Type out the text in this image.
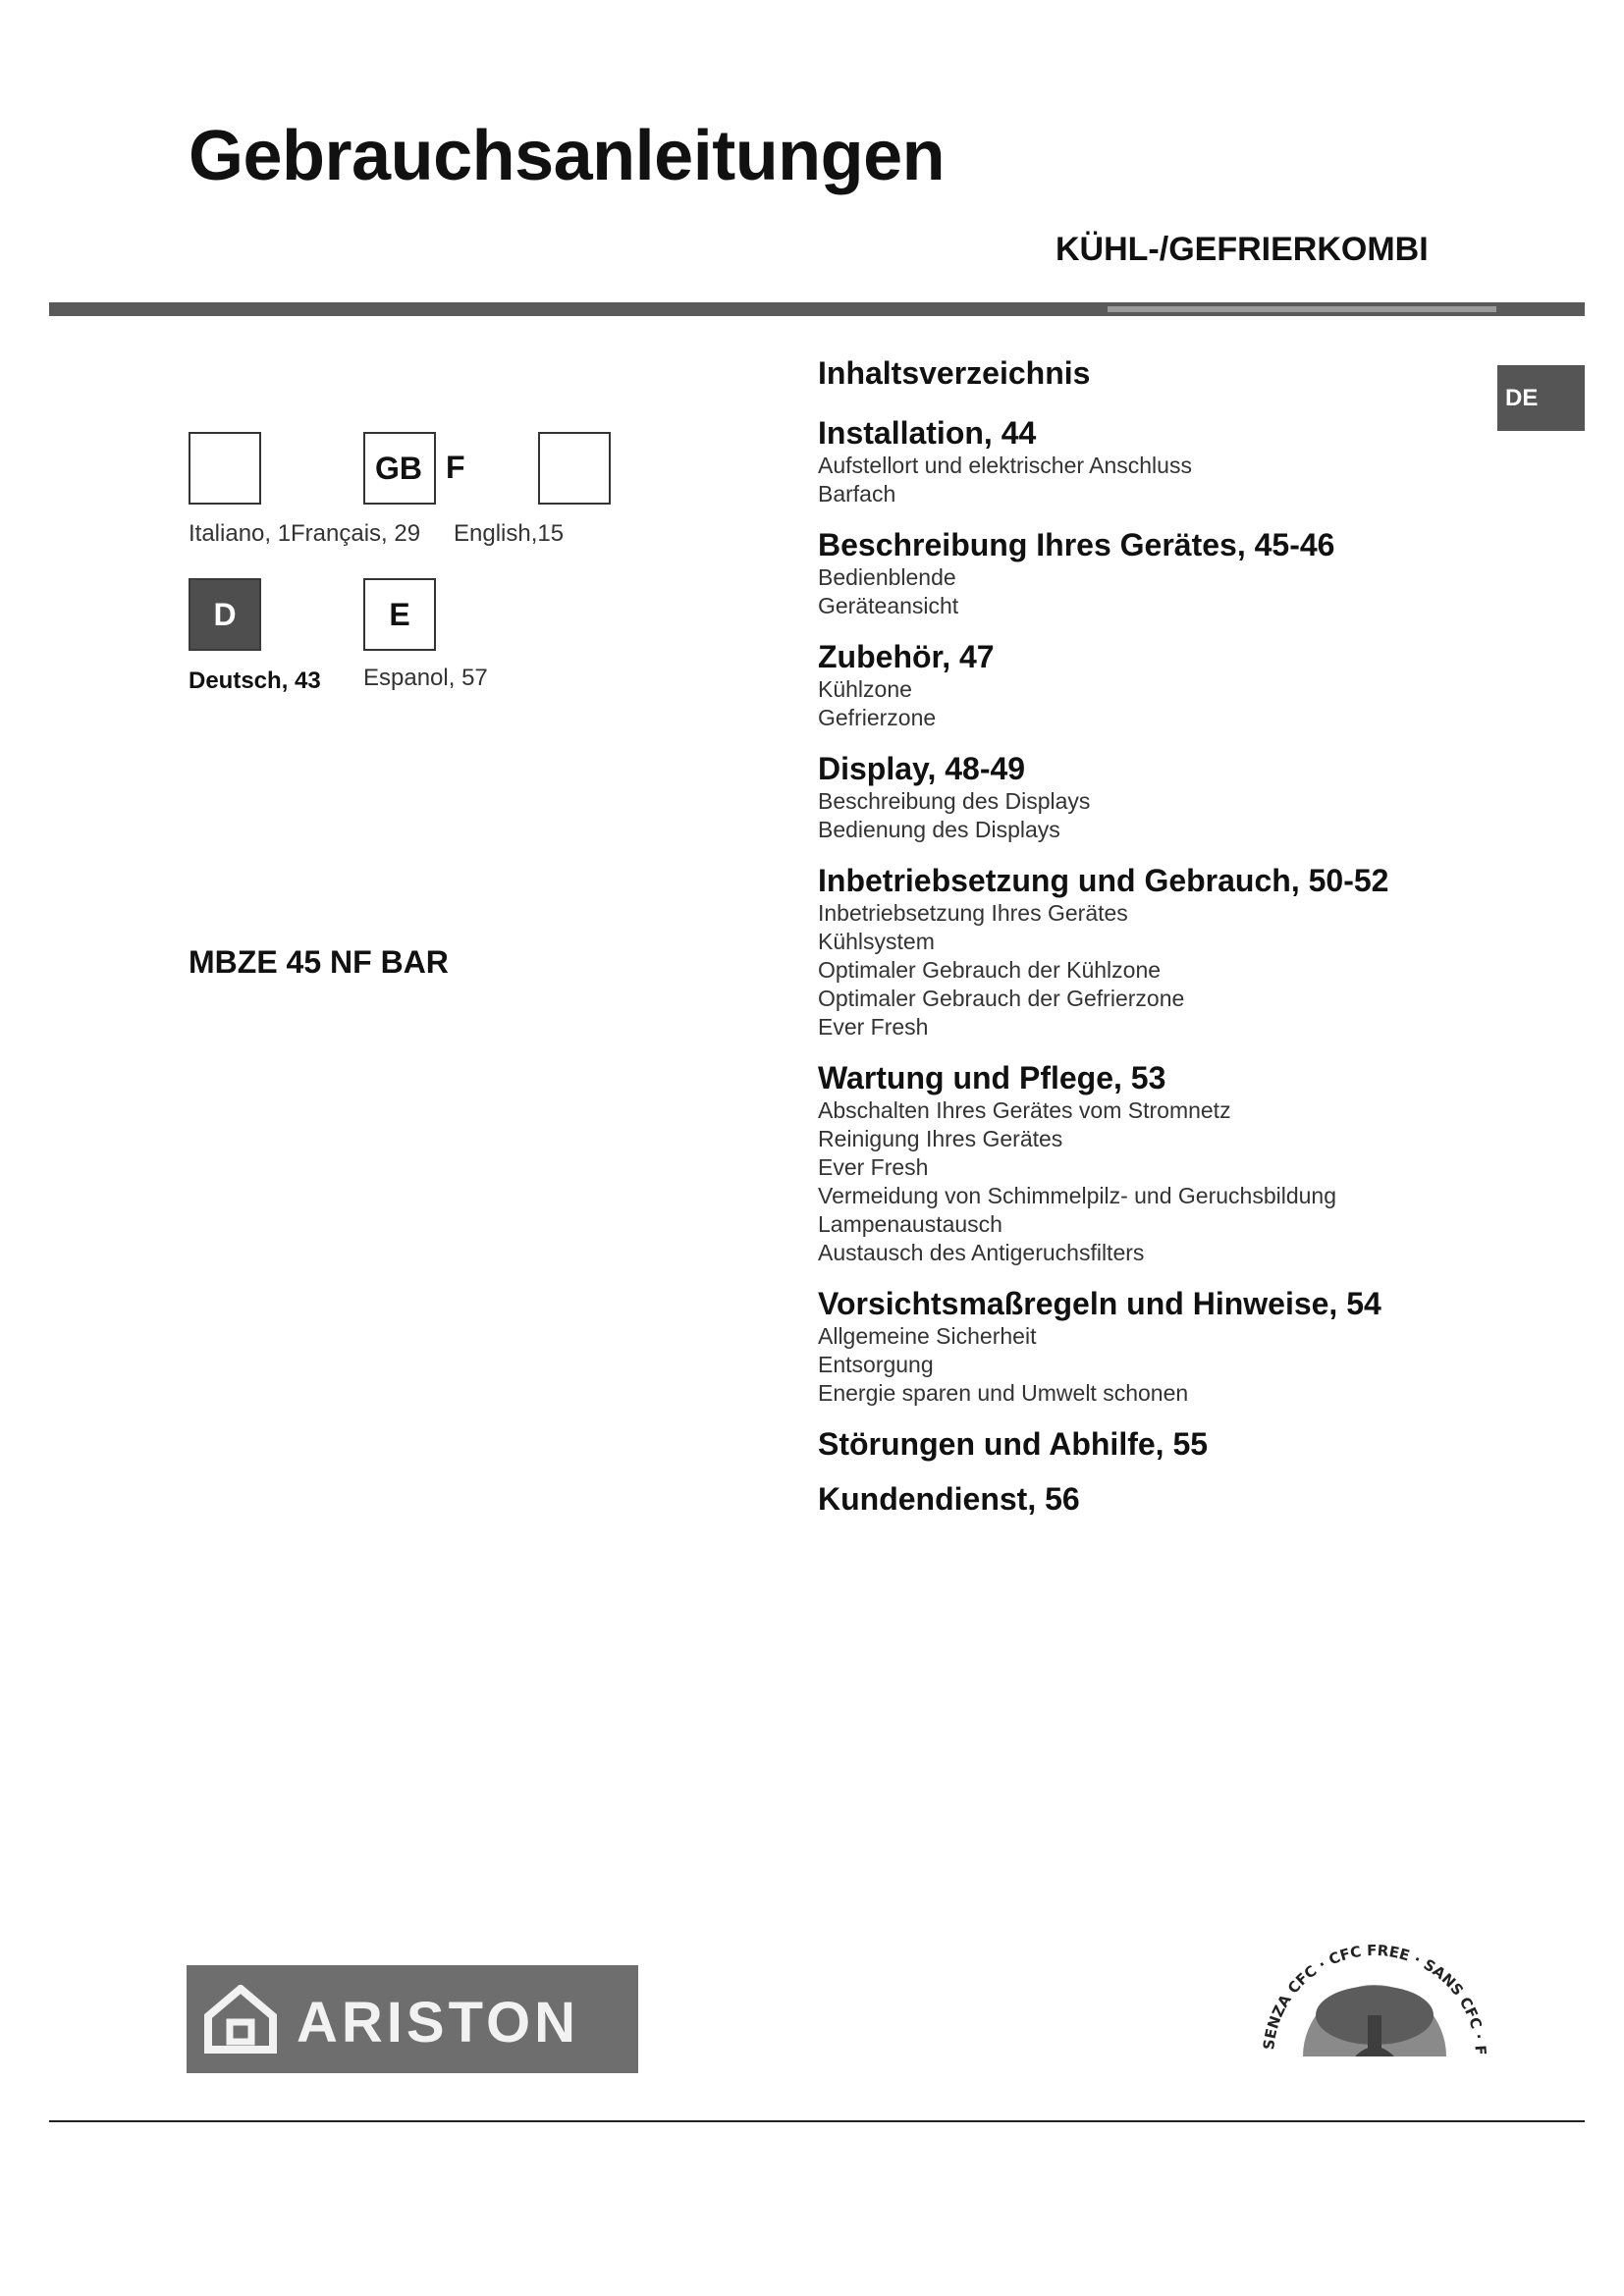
Gebrauchsanleitungen
KÜHL-/GEFRIERKOMBI
DE
GB F
Italiano, 1 Français, 29 English,15
D	E
Deutsch, 43 Espanol, 57
MBZE 45 NF BAR
Inhaltsverzeichnis
Installation, 44
Aufstellort und elektrischer Anschluss
Barfach
Beschreibung Ihres Gerätes, 45-46
Bedienblende
Geräteansicht
Zubehör, 47
Kühlzone
Gefrierzone
Display, 48-49
Beschreibung des Displays
Bedienung des Displays
Inbetriebsetzung und Gebrauch, 50-52
Inbetriebsetzung Ihres Gerätes
Kühlsystem
Optimaler Gebrauch der Kühlzone
Optimaler Gebrauch der Gefrierzone
Ever Fresh
Wartung und Pflege, 53
Abschalten Ihres Gerätes vom Stromnetz
Reinigung Ihres Gerätes
Ever Fresh
Vermeidung von Schimmelpilz- und Geruchsbildung
Lampenaustausch
Austausch des Antigeruchsfilters
Vorsichtsmaßregeln und Hinweise, 54
Allgemeine Sicherheit
Entsorgung
Energie sparen und Umwelt schonen
Störungen und Abhilfe, 55
Kundendienst, 56
ARISTON	SENZA CFC · CFC FREE · SANS CFC · F
